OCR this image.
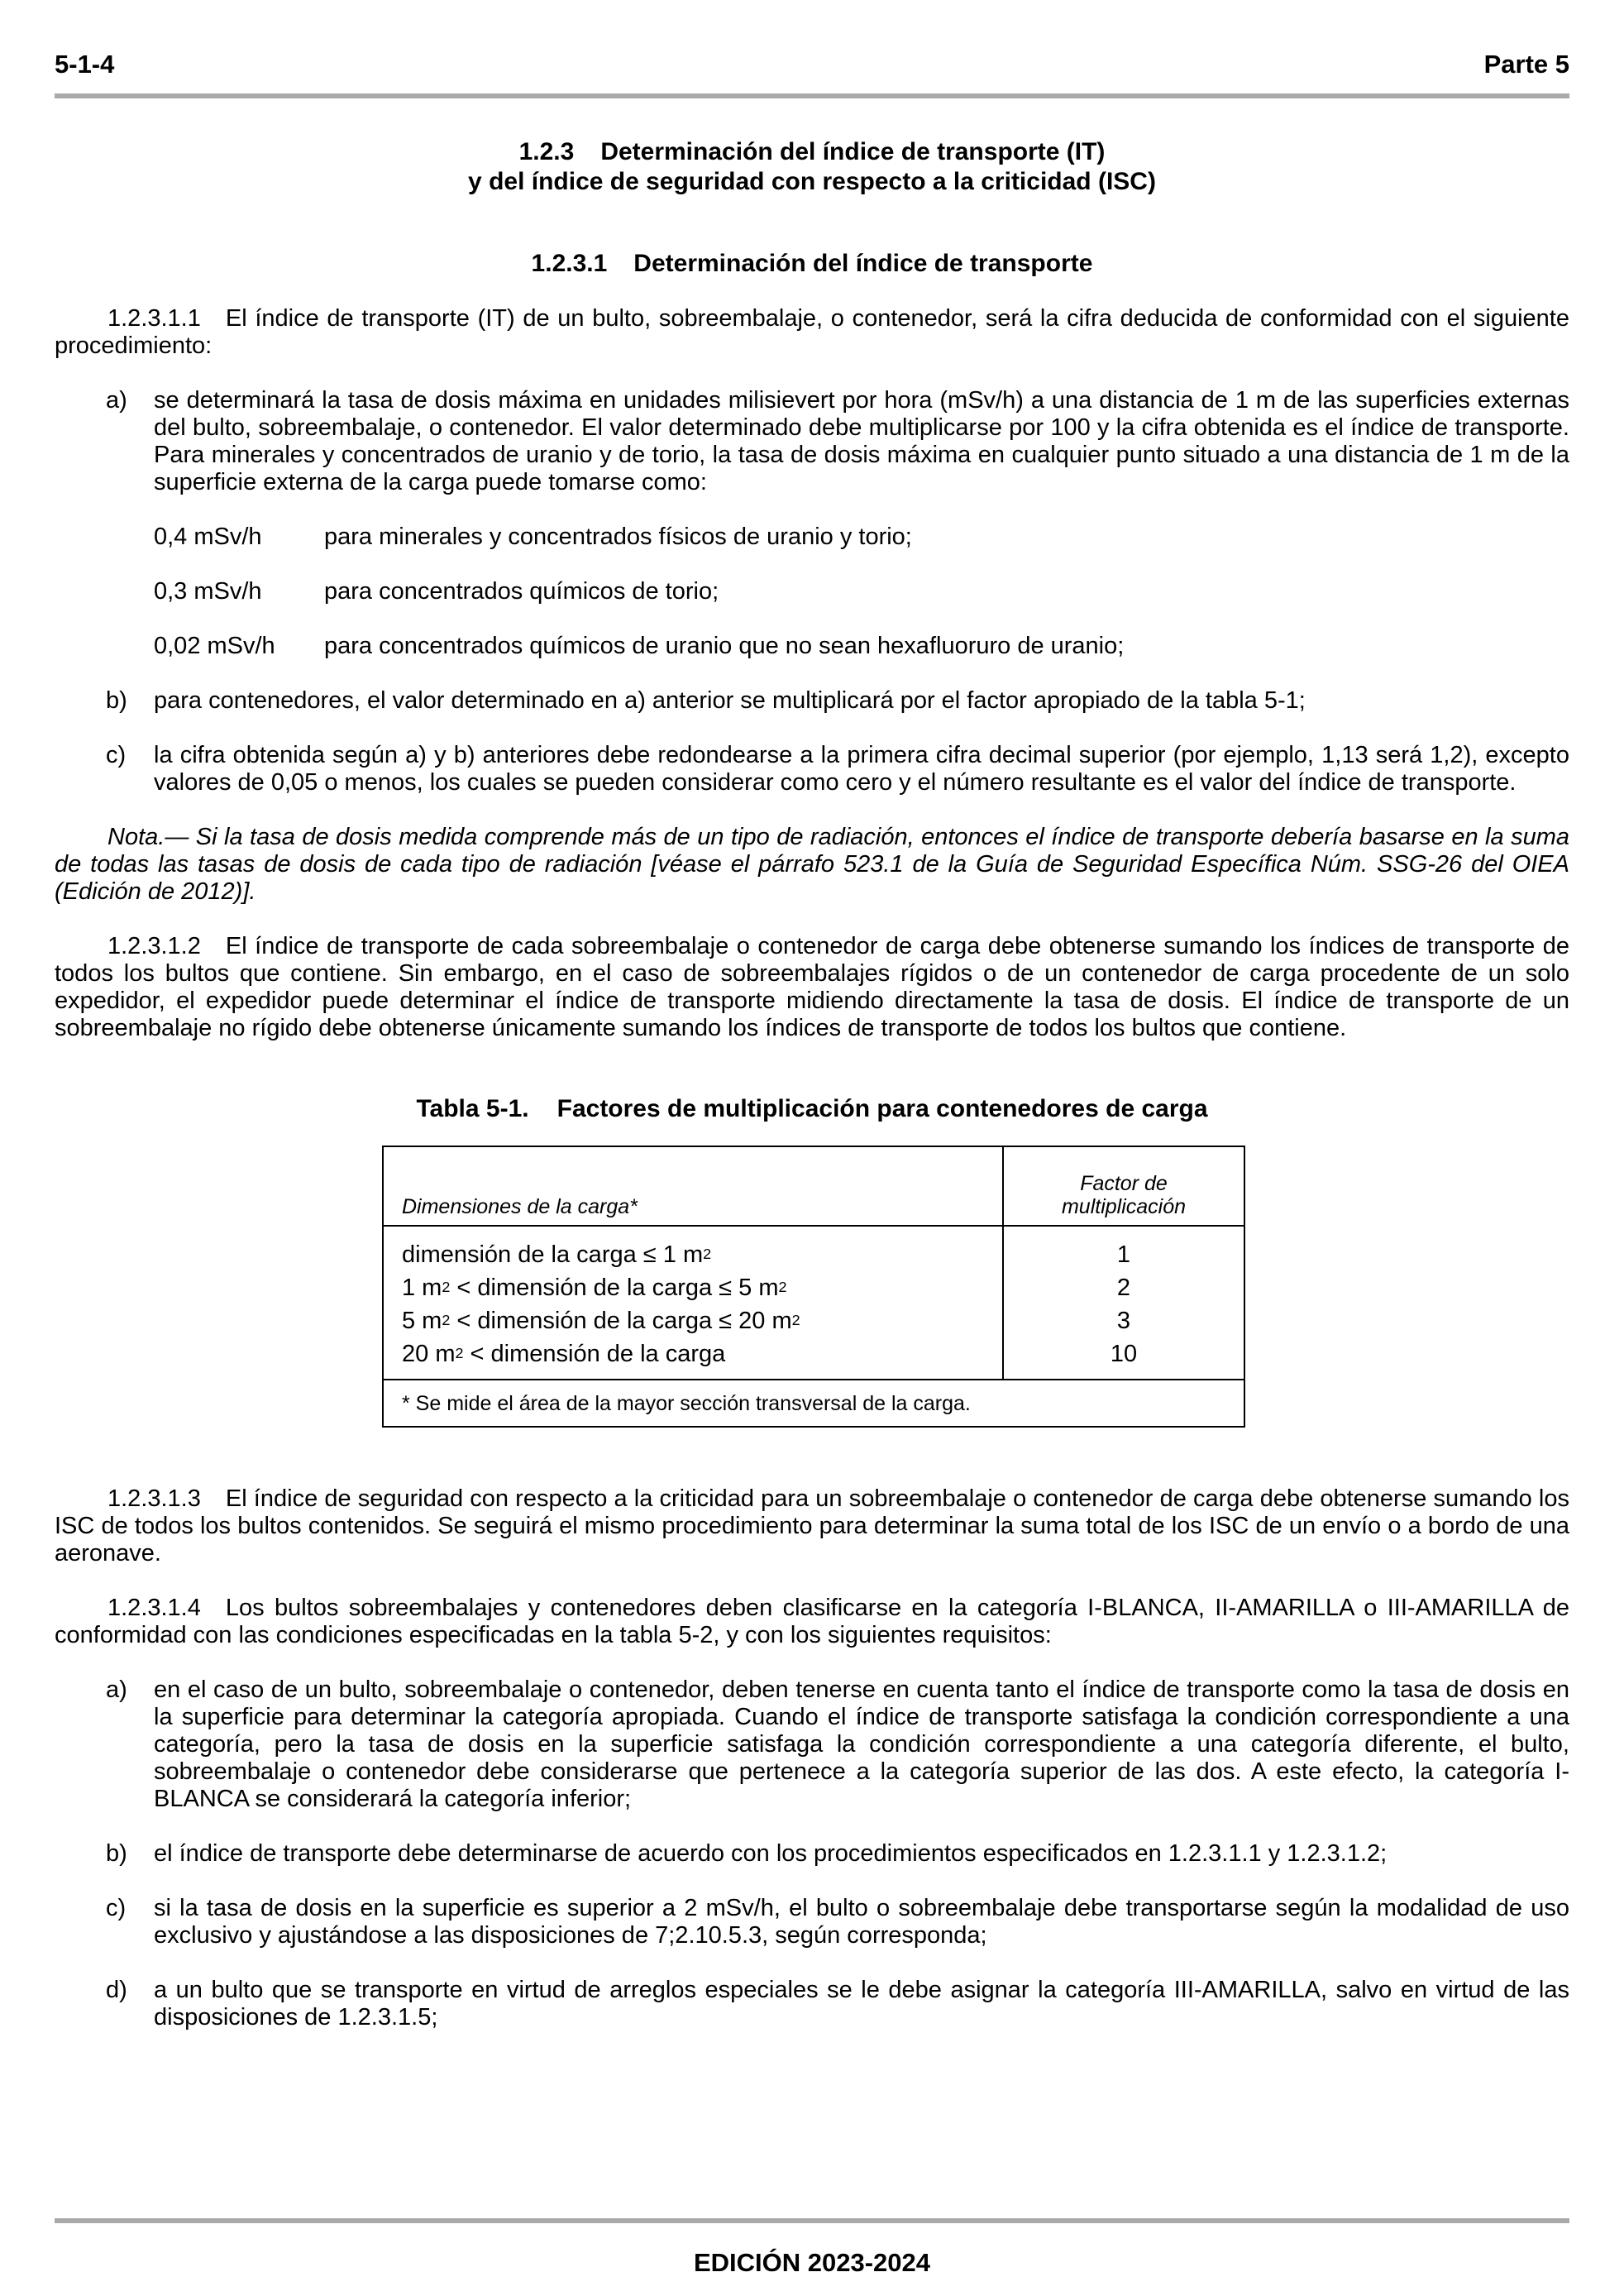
5-1-4	Parte 5
1.2.3 Determinación del índice de transporte (IT)
y del índice de seguridad con respecto a la criticidad (ISC)
1.2.3.1 Determinación del índice de transporte

1.2.3.1.1 El índice de transporte (IT) de un bulto, sobreembalaje, o contenedor, será la cifra deducida de conformidad con el siguiente procedimiento:

a) se determinará la tasa de dosis máxima en unidades milisievert por hora (mSv/h) a una distancia de 1 m de las superficies externas del bulto, sobreembalaje, o contenedor. El valor determinado debe multiplicarse por 100 y la cifra obtenida es el índice de transporte. Para minerales y concentrados de uranio y de torio, la tasa de dosis máxima en cualquier punto situado a una distancia de 1 m de la superficie externa de la carga puede tomarse como:
0,4 mSv/h	para minerales y concentrados físicos de uranio y torio;
0,3 mSv/h	para concentrados químicos de torio;
0,02 mSv/h para concentrados químicos de uranio que no sean hexafluoruro de uranio;
b) para contenedores, el valor determinado en a) anterior se multiplicará por el factor apropiado de la tabla 5-1;
c) la cifra obtenida según a) y b) anteriores debe redondearse a la primera cifra decimal superior (por ejemplo, 1,13 será 1,2), excepto valores de 0,05 o menos, los cuales se pueden considerar como cero y el número resultante es el valor del índice de transporte.

Nota.— Si la tasa de dosis medida comprende más de un tipo de radiación, entonces el índice de transporte debería basarse en la suma de todas las tasas de dosis de cada tipo de radiación [véase el párrafo 523.1 de la Guía de Seguridad Específica Núm. SSG-26 del OIEA (Edición de 2012)].

1.2.3.1.2 El índice de transporte de cada sobreembalaje o contenedor de carga debe obtenerse sumando los índices de transporte de todos los bultos que contiene. Sin embargo, en el caso de sobreembalajes rígidos o de un contenedor de carga procedente de un solo expedidor, el expedidor puede determinar el índice de transporte midiendo directamente la tasa de dosis. El índice de transporte de un sobreembalaje no rígido debe obtenerse únicamente sumando los índices de transporte de todos los bultos que contiene.

Tabla 5-1. Factores de multiplicación para contenedores de carga
Dimensiones de la carga*	Factor de
multiplicación

dimensión de la carga ≤ 1 $m^2$	1
1 $m^2$ < dimensión de la carga ≤ 5 $m^2$	2
5 $m^2$ < dimensión de la carga ≤ 20 $m^2$	3
20 $m^2$ < dimensión de la carga	10
* Se mide el área de la mayor sección transversal de la carga.	

1.2.3.1.3 El índice de seguridad con respecto a la criticidad para un sobreembalaje o contenedor de carga debe obtenerse sumando los ISC de todos los bultos contenidos. Se seguirá el mismo procedimiento para determinar la suma total de los ISC de un envío o a bordo de una aeronave.

1.2.3.1.4 Los bultos sobreembalajes y contenedores deben clasificarse en la categoría I-BLANCA, II-AMARILLA o III-AMARILLA de conformidad con las condiciones especificadas en la tabla 5-2, y con los siguientes requisitos:

a) en el caso de un bulto, sobreembalaje o contenedor, deben tenerse en cuenta tanto el índice de transporte como la tasa de dosis en la superficie para determinar la categoría apropiada. Cuando el índice de transporte satisfaga la condición correspondiente a una categoría, pero la tasa de dosis en la superficie satisfaga la condición correspondiente a una categoría diferente, el bulto, sobreembalaje o contenedor debe considerarse que pertenece a la categoría superior de las dos. A este efecto, la categoría I-BLANCA se considerará la categoría inferior;
b) el índice de transporte debe determinarse de acuerdo con los procedimientos especificados en 1.2.3.1.1 y 1.2.3.1.2;
c) si la tasa de dosis en la superficie es superior a 2 mSv/h, el bulto o sobreembalaje debe transportarse según la modalidad de uso exclusivo y ajustándose a las disposiciones de 7;2.10.5.3, según corresponda;
d) a un bulto que se transporte en virtud de arreglos especiales se le debe asignar la categoría III-AMARILLA, salvo en virtud de las disposiciones de 1.2.3.1.5;
EDICIÓN 2023-2024
